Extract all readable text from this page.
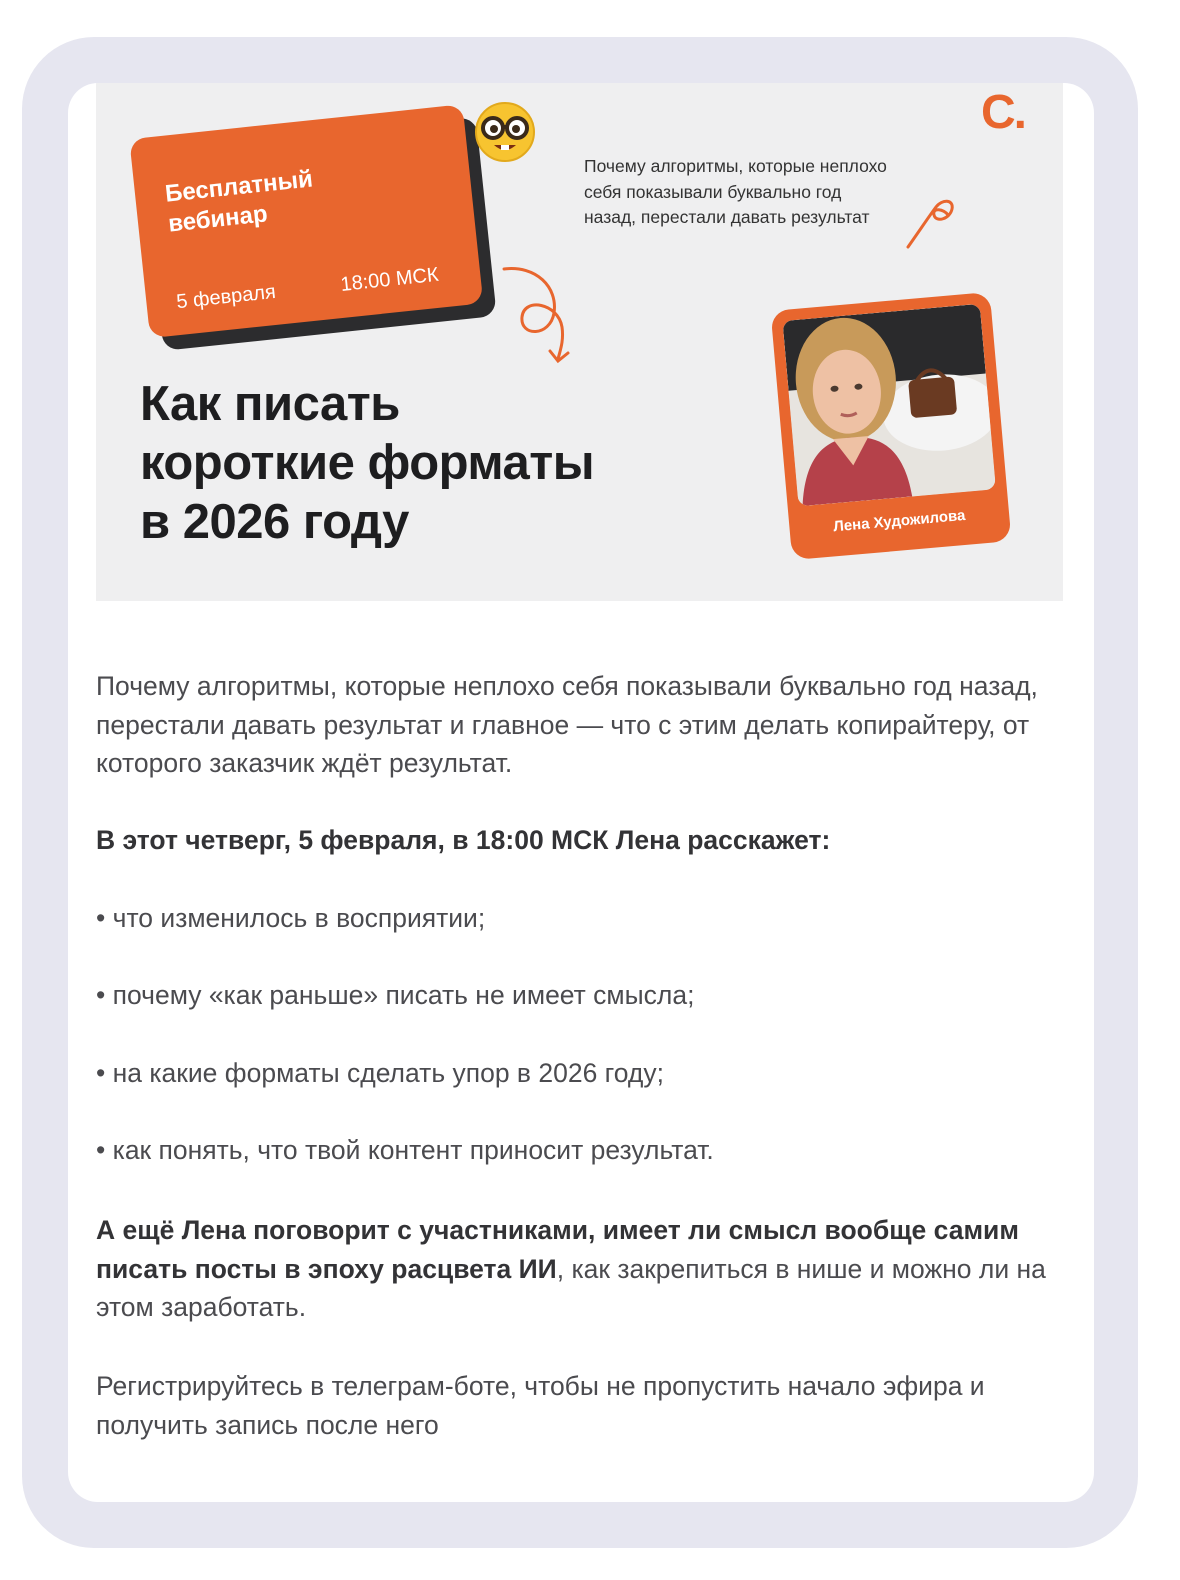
Бесплатный
вебинар
5 февраля
18:00 МСК
С.
Почему алгоритмы, которые неплохо себя показывали буквально год назад, перестали давать результат
Как писать
короткие форматы
в 2026 году	Лена Художилова

Почему алгоритмы, которые неплохо себя показывали буквально год назад, перестали давать результат и главное — что с этим делать копирайтеру, от которого заказчик ждёт результат.

В этот четверг, 5 февраля, в 18:00 МСК Лена расскажет:

• что изменилось в восприятии;

• почему «как раньше» писать не имеет смысла;

• на какие форматы сделать упор в 2026 году;

• как понять, что твой контент приносит результат.

А ещё Лена поговорит с участниками, имеет ли смысл вообще самим писать посты в эпоху расцвета ИИ, как закрепиться в нише и можно ли на этом заработать.

Регистрируйтесь в телеграм-боте, чтобы не пропустить начало эфира и получить запись после него
